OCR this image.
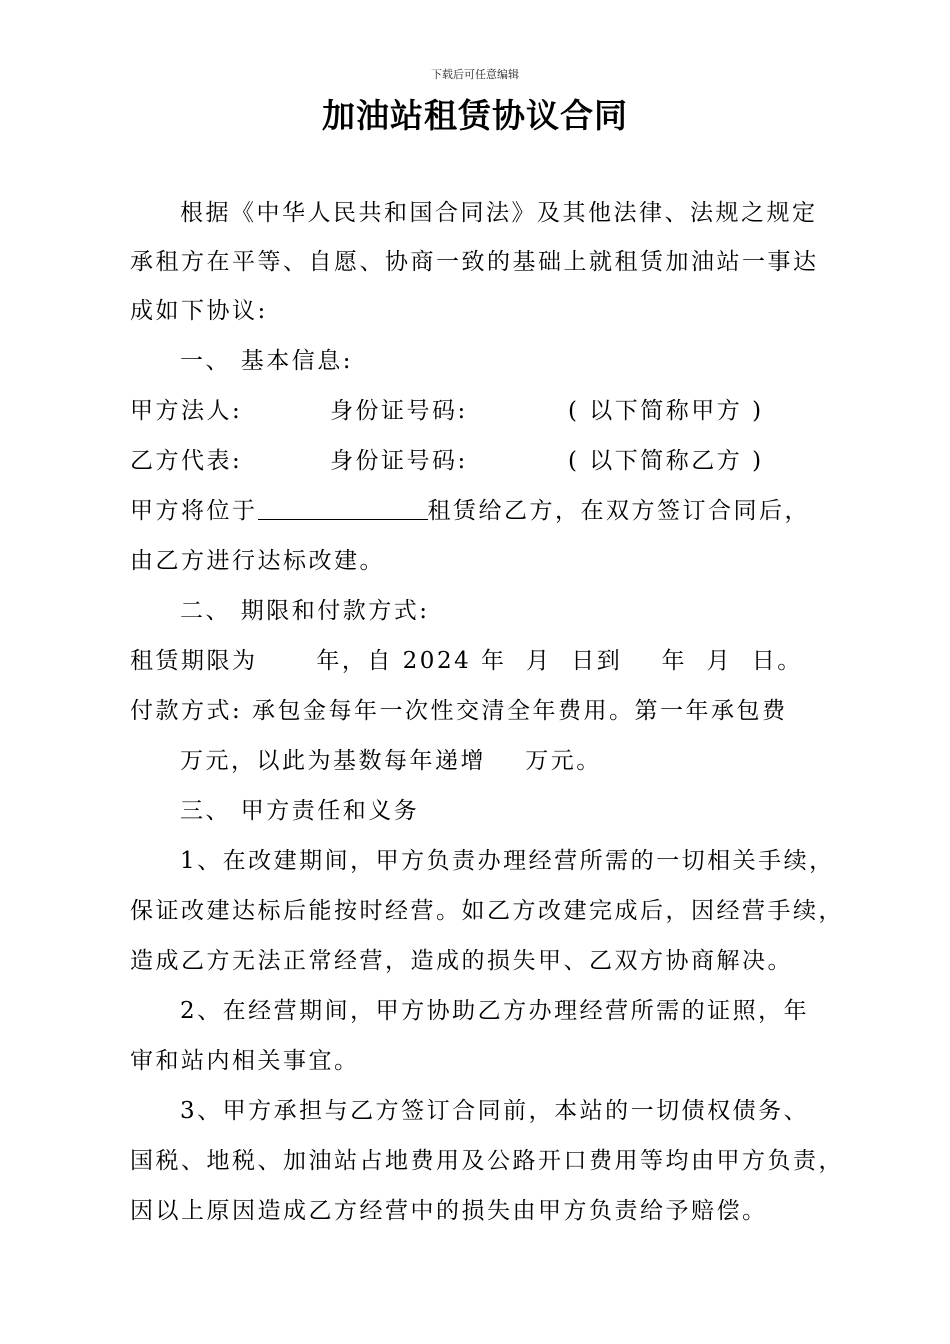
下载后可任意编辑
加油站租赁协议合同
根据《中华人民共和国合同法》及其他法律、法规之规定
承租方在平等、自愿、协商一致的基础上就租赁加油站一事达
成如下协议:
一、 基本信息:
甲方法人:	身份证号码:	( 以下简称甲方 )
乙方代表:	身份证号码:	( 以下简称乙方 )
甲方将位于	租赁给乙方，在双方签订合同后，
由乙方进行达标改建。
二、 期限和付款方式:
租赁期限为      年，自 2024 年  月  日到    年  月  日。
付款方式: 承包金每年一次性交清全年费用。第一年承包费
万元，以此为基数每年递增    万元。
三、 甲方责任和义务
1、在改建期间，甲方负责办理经营所需的一切相关手续，
保证改建达标后能按时经营。如乙方改建完成后，因经营手续，
造成乙方无法正常经营，造成的损失甲、乙双方协商解决。
2、在经营期间，甲方协助乙方办理经营所需的证照，年
审和站内相关事宜。
3、甲方承担与乙方签订合同前，本站的一切债权债务、
国税、地税、加油站占地费用及公路开口费用等均由甲方负责，
因以上原因造成乙方经营中的损失由甲方负责给予赔偿。
